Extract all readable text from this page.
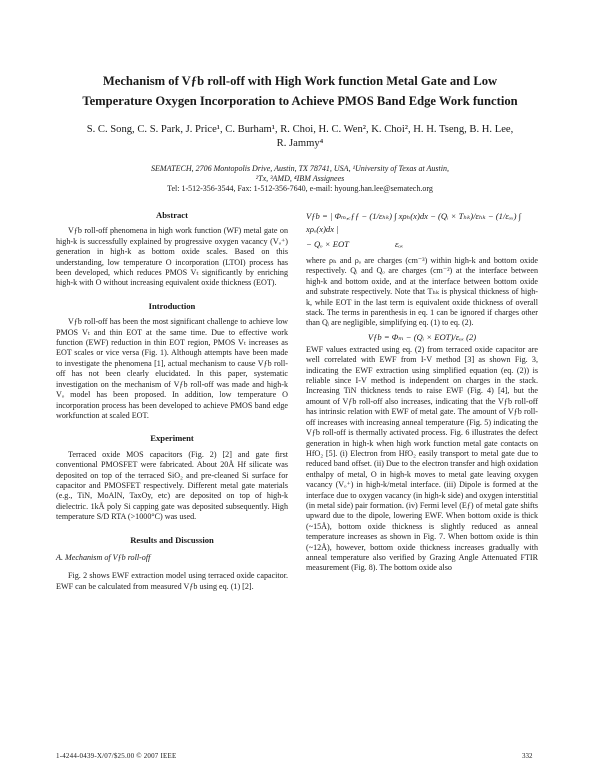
Mechanism of Vƒb roll-off with High Work function Metal Gate and Low
Temperature Oxygen Incorporation to Achieve PMOS Band Edge Work function
S. C. Song, C. S. Park, J. Price¹, C. Burham¹, R. Choi, H. C. Wen², K. Choi², H. H. Tseng, B. H. Lee,
R. Jammy⁴
SEMATECH, 2706 Montopolis Drive, Austin, TX 78741, USA, ¹University of Texas at Austin,
²Tx, ³AMD, ⁴IBM Assignees
Tel: 1-512-356-3544, Fax: 1-512-356-7640, e-mail: hyoung.han.lee@sematech.org
Abstract

Vƒb roll-off phenomena in high work function (WF) metal gate on high-k is successfully explained by progressive oxygen vacancy (Vₒ⁺) generation in high-k as bottom oxide scales. Based on this understanding, low temperature O incorporation (LTOI) process has been developed, which reduces PMOS Vₜ significantly by enriching high-k with O without increasing equivalent oxide thickness (EOT).

Introduction

Vƒb roll-off has been the most significant challenge to achieve low PMOS Vₜ and thin EOT at the same time. Due to effective work function (EWF) reduction in thin EOT region, PMOS Vₜ increases as EOT scales or vice versa (Fig. 1). Although attempts have been made to investigate the phenomena [1], actual mechanism to cause Vƒb roll-off has not been clearly elucidated. In this paper, systematic investigation on the mechanism of Vƒb roll-off was made and high-k Vₒ model has been proposed. In addition, low temperature O incorporation process has been developed to achieve PMOS band edge workfunction at scaled EOT.

Experiment

Terraced oxide MOS capacitors (Fig. 2) [2] and gate first conventional PMOSFET were fabricated. About 20Å Hf silicate was deposited on top of the terraced SiO₂ and pre-cleaned Si surface for capacitor and PMOSFET respectively. Different metal gate materials (e.g., TiN, MoAlN, TaxOy, etc) are deposited on top of high-k dielectric. 1kÅ poly Si capping gate was deposited subsequently. High temperature S/D RTA (>1000°C) was used.

Results and Discussion
A. Mechanism of Vƒb roll-off

Fig. 2 shows EWF extraction model using terraced oxide capacitor. EWF can be calculated from measured Vƒb using eq. (1) [2].

Vƒb = | Φₘ,ₑƒƒ − (1/εₕₖ) ∫ xρₕ(x)dx − (Qᵢ × Tₕₖ)/εₕₖ − (1/εₒₓ) ∫ xρₒ(x)dx |
− Qₒ × EOT	εₒₓ

where ρₕ and ρₒ are charges (cm⁻³) within high-k and bottom oxide respectively. Qᵢ and Qₒ are charges (cm⁻²) at the interface between high-k and bottom oxide, and at the interface between bottom oxide and substrate respectively. Note that Tₕₖ is physical thickness of high-k, while EOT in the last term is equivalent oxide thickness of overall stack. The terms in parenthesis in eq. 1 can be ignored if charges other than Qᵢ are negligible, simplifying eq. (1) to eq. (2).

Vƒb = Φₘ − (Qᵢ × EOT)/εₒₓ (2)

EWF values extracted using eq. (2) from terraced oxide capacitor are well correlated with EWF from I-V method [3] as shown Fig. 3, indicating the EWF extraction using simplified equation (eq. (2)) is reliable since I-V method is independent on charges in the stack. Increasing TiN thickness tends to raise EWF (Fig. 4) [4], but the amount of Vƒb roll-off also increases, indicating that the Vƒb roll-off has intrinsic relation with EWF of metal gate. The amount of Vƒb roll-off increases with increasing anneal temperature (Fig. 5) indicating the Vƒb roll-off is thermally activated process. Fig. 6 illustrates the defect generation in high-k when high work function metal gate contacts on HfO₂ [5]. (i) Electron from HfO₂ easily transport to metal gate due to reduced band offset. (ii) Due to the electron transfer and high oxidation enthalpy of metal, O in high-k moves to metal gate leaving oxygen vacancy (Vₒ⁺) in high-k/metal interface. (iii) Dipole is formed at the interface due to oxygen vacancy (in high-k side) and oxygen interstitial (in metal side) pair formation. (iv) Fermi level (Eƒ) of metal gate shifts upward due to the dipole, lowering EWF. When bottom oxide is thick (~15Å), bottom oxide thickness is slightly reduced as anneal temperature increases as shown in Fig. 7. When bottom oxide is thin (~12Å), however, bottom oxide thickness increases gradually with anneal temperature also verified by Grazing Angle Attenuated FTIR measurement (Fig. 8). The bottom oxide also

1-4244-0439-X/07/$25.00 © 2007 IEEE	332
